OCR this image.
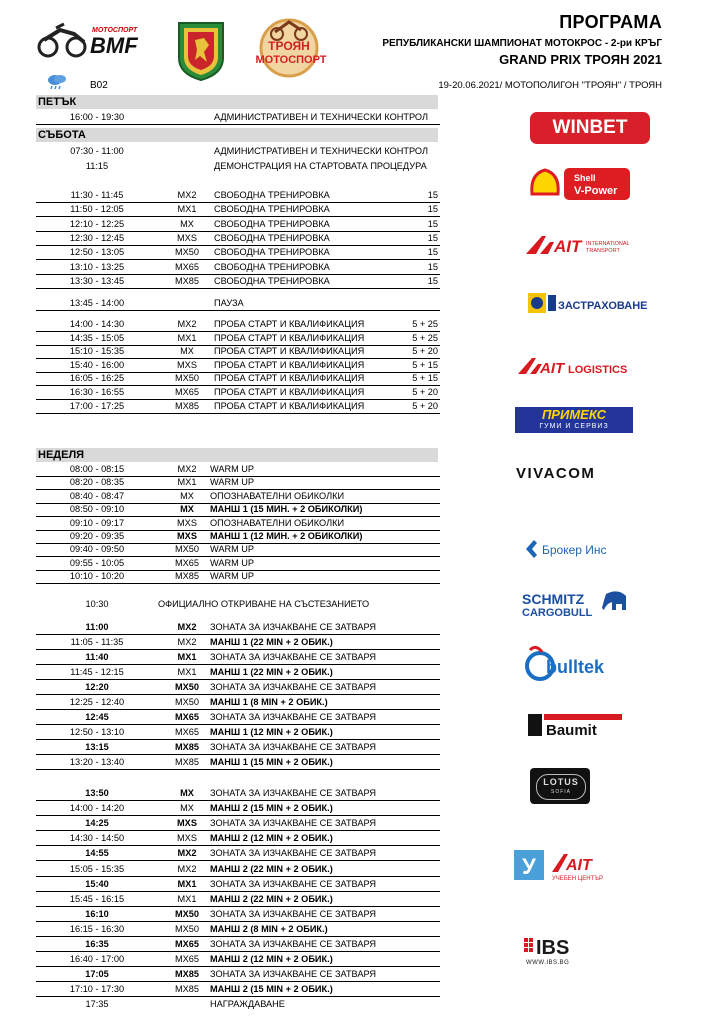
МОТОСПОРТ
BMF	ТРОЯН
МОТОСПОРТ
ПРОГРАМА
РЕПУБЛИКАНСКИ ШАМПИОНАТ МОТОКРОС - 2-ри КРЪГ
GRAND PRIX ТРОЯН 2021
B02	19-20.06.2021/ МОТОПОЛИГОН "ТРОЯН" / ТРОЯН
ПЕТЪК
16:00 - 19:30	АДМИНИСТРАТИВЕН И ТЕХНИЧЕСКИ КОНТРОЛ
СЪБОТА
07:30 - 11:00	АДМИНИСТРАТИВЕН И ТЕХНИЧЕСКИ КОНТРОЛ
11:15	ДЕМОНСТРАЦИЯ НА СТАРТОВАТА ПРОЦЕДУРА
11:30 - 11:45	MX2	СВОБОДНА ТРЕНИРОВКА	15
11:50 - 12:05	MX1	СВОБОДНА ТРЕНИРОВКА	15
12:10 - 12:25	MX	СВОБОДНА ТРЕНИРОВКА	15
12:30 - 12:45	MXS	СВОБОДНА ТРЕНИРОВКА	15
12:50 - 13:05	MX50	СВОБОДНА ТРЕНИРОВКА	15
13:10 - 13:25	MX65	СВОБОДНА ТРЕНИРОВКА	15
13:30 - 13:45	MX85	СВОБОДНА ТРЕНИРОВКА	15
13:45 - 14:00	ПАУЗА
14:00 - 14:30	MX2	ПРОБА СТАРТ И КВАЛИФИКАЦИЯ	5 + 25
14:35 - 15:05	MX1	ПРОБА СТАРТ И КВАЛИФИКАЦИЯ	5 + 25
15:10 - 15:35	MX	ПРОБА СТАРТ И КВАЛИФИКАЦИЯ	5 + 20
15:40 - 16:00	MXS	ПРОБА СТАРТ И КВАЛИФИКАЦИЯ	5 + 15
16:05 - 16:25	MX50	ПРОБА СТАРТ И КВАЛИФИКАЦИЯ	5 + 15
16:30 - 16:55	MX65	ПРОБА СТАРТ И КВАЛИФИКАЦИЯ	5 + 20
17:00 - 17:25	MX85	ПРОБА СТАРТ И КВАЛИФИКАЦИЯ	5 + 20
НЕДЕЛЯ
08:00 - 08:15	MX2	WARM UP
08:20 - 08:35	MX1	WARM UP
08:40 - 08:47	MX	ОПОЗНАВАТЕЛНИ ОБИКОЛКИ
08:50 - 09:10	MX	МАНШ 1 (15 МИН. + 2 ОБИКОЛКИ)
09:10 - 09:17	MXS	ОПОЗНАВАТЕЛНИ ОБИКОЛКИ
09:20 - 09:35	MXS	МАНШ 1 (12 МИН. + 2 ОБИКОЛКИ)
09:40 - 09:50	MX50	WARM UP
09:55 - 10:05	MX65	WARM UP
10:10 - 10:20	MX85	WARM UP
10:30	ОФИЦИАЛНО ОТКРИВАНЕ НА СЪСТЕЗАНИЕТО
11:00	MX2	ЗОНАТА ЗА ИЗЧАКВАНЕ СЕ ЗАТВАРЯ
11:05 - 11:35	MX2	МАНШ 1 (22 MIN + 2 ОБИК.)
11:40	MX1	ЗОНАТА ЗА ИЗЧАКВАНЕ СЕ ЗАТВАРЯ
11:45 - 12:15	MX1	МАНШ 1 (22 MIN + 2 ОБИК.)
12:20	MX50	ЗОНАТА ЗА ИЗЧАКВАНЕ СЕ ЗАТВАРЯ
12:25 - 12:40	MX50	МАНШ 1 (8 MIN + 2 ОБИК.)
12:45	MX65	ЗОНАТА ЗА ИЗЧАКВАНЕ СЕ ЗАТВАРЯ
12:50 - 13:10	MX65	МАНШ 1 (12 MIN + 2 ОБИК.)
13:15	MX85	ЗОНАТА ЗА ИЗЧАКВАНЕ СЕ ЗАТВАРЯ
13:20 - 13:40	MX85	МАНШ 1 (15 MIN + 2 ОБИК.)
13:50	MX	ЗОНАТА ЗА ИЗЧАКВАНЕ СЕ ЗАТВАРЯ
14:00 - 14:20	MX	МАНШ 2 (15 MIN + 2 ОБИК.)
14:25	MXS	ЗОНАТА ЗА ИЗЧАКВАНЕ СЕ ЗАТВАРЯ
14:30 - 14:50	MXS	МАНШ 2 (12 MIN + 2 ОБИК.)
14:55	MX2	ЗОНАТА ЗА ИЗЧАКВАНЕ СЕ ЗАТВАРЯ
15:05 - 15:35	MX2	МАНШ 2 (22 MIN + 2 ОБИК.)
15:40	MX1	ЗОНАТА ЗА ИЗЧАКВАНЕ СЕ ЗАТВАРЯ
15:45 - 16:15	MX1	МАНШ 2 (22 MIN + 2 ОБИК.)
16:10	MX50	ЗОНАТА ЗА ИЗЧАКВАНЕ СЕ ЗАТВАРЯ
16:15 - 16:30	MX50	МАНШ 2 (8 MIN + 2 ОБИК.)
16:35	MX65	ЗОНАТА ЗА ИЗЧАКВАНЕ СЕ ЗАТВАРЯ
16:40 - 17:00	MX65	МАНШ 2 (12 MIN + 2 ОБИК.)
17:05	MX85	ЗОНАТА ЗА ИЗЧАКВАНЕ СЕ ЗАТВАРЯ
17:10 - 17:30	MX85	МАНШ 2 (15 MIN + 2 ОБИК.)
17:35	НАГРАЖДАВАНЕ
WINBET
Shell
V-Power
AIT INTERNATIONAL
TRANSPORT
ЗАСТРАХОВАНЕ
AIT LOGISTICS
ПРИМЕКС
ГУМИ И СЕРВИЗ
VIVACOM
Брокер Инс
SCHMITZ
CARGOBULL
bulltek
Baumit
LOTUS
SOFIA
У AIT
УЧЕБЕН ЦЕНТЪР
IBS
WWW.IBS.BG
